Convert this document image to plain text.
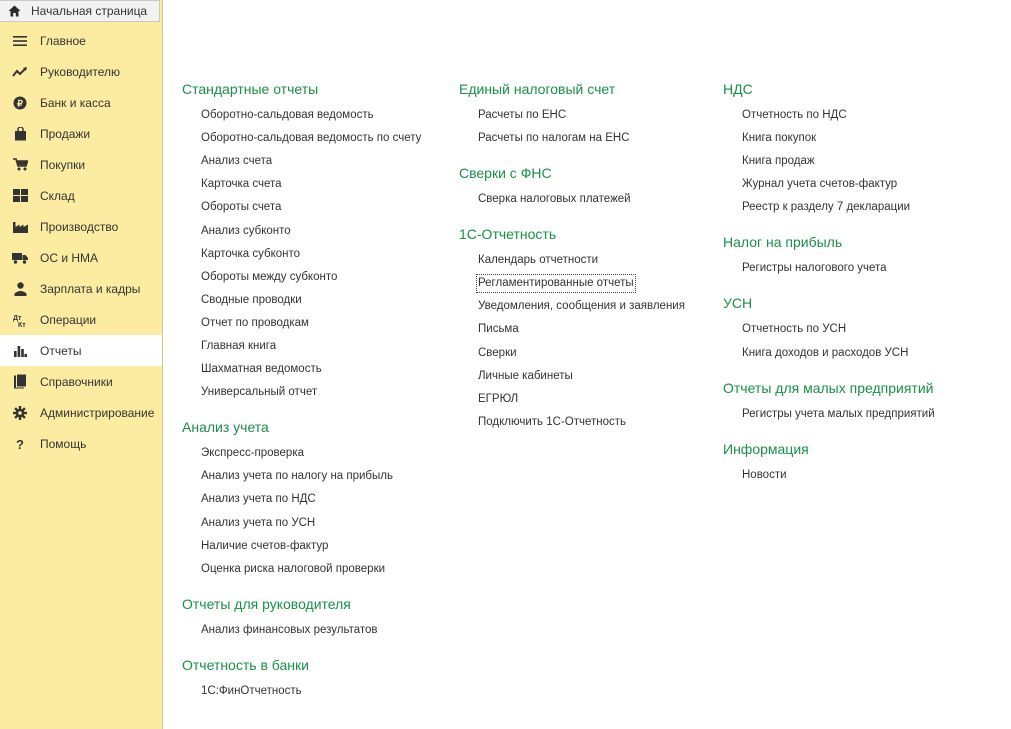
Начальная страница
Главное
Руководителю
₽ Банк и касса
Продажи
Покупки
Склад
Производство
ОС и НМА
Зарплата и кадры
Дт
Кт Операции
Отчеты
Справочники
Администрирование
? Помощь
Стандартные отчеты
Оборотно-сальдовая ведомость
Оборотно-сальдовая ведомость по счету
Анализ счета
Карточка счета
Обороты счета
Анализ субконто
Карточка субконто
Обороты между субконто
Сводные проводки
Отчет по проводкам
Главная книга
Шахматная ведомость
Универсальный отчет
Анализ учета
Экспресс-проверка
Анализ учета по налогу на прибыль
Анализ учета по НДС
Анализ учета по УСН
Наличие счетов-фактур
Оценка риска налоговой проверки
Отчеты для руководителя
Анализ финансовых результатов
Отчетность в банки
1С:ФинОтчетность
Единый налоговый счет
Расчеты по ЕНС
Расчеты по налогам на ЕНС
Сверки с ФНС
Сверка налоговых платежей
1С-Отчетность
Календарь отчетности
Регламентированные отчеты
Уведомления, сообщения и заявления
Письма
Сверки
Личные кабинеты
ЕГРЮЛ
Подключить 1С-Отчетность
НДС
Отчетность по НДС
Книга покупок
Книга продаж
Журнал учета счетов-фактур
Реестр к разделу 7 декларации
Налог на прибыль
Регистры налогового учета
УСН
Отчетность по УСН
Книга доходов и расходов УСН
Отчеты для малых предприятий
Регистры учета малых предприятий
Информация
Новости
